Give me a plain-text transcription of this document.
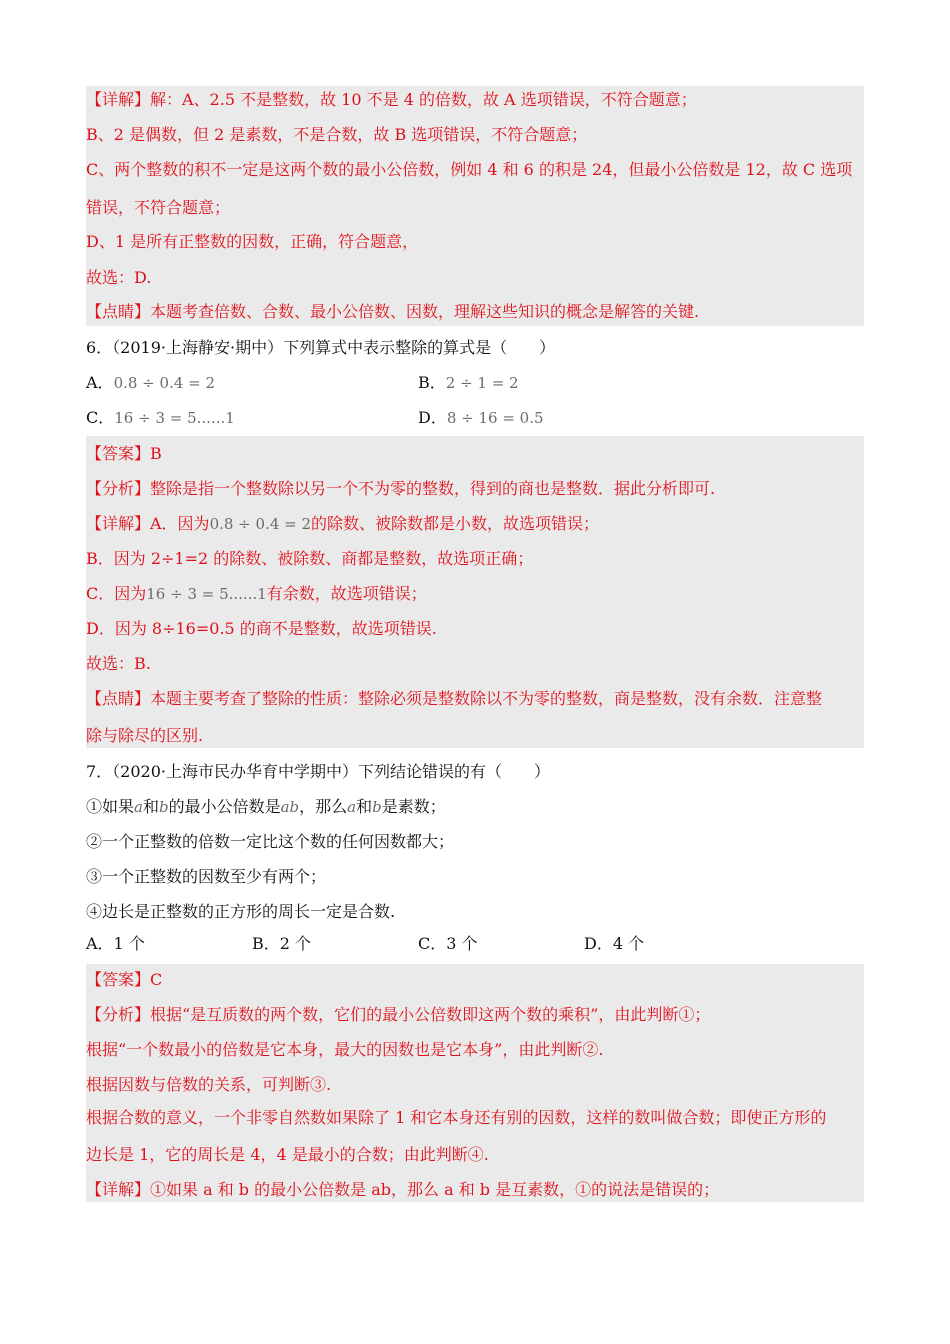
【详解】解：A、2.5 不是整数，故 10 不是 4 的倍数，故 A 选项错误，不符合题意；
B、2 是偶数，但 2 是素数，不是合数，故 B 选项错误，不符合题意；
C、两个整数的积不一定是这两个数的最小公倍数，例如 4 和 6 的积是 24，但最小公倍数是 12，故 C 选项
错误，不符合题意；
D、1 是所有正整数的因数，正确，符合题意，
故选：D.
【点睛】本题考查倍数、合数、最小公倍数、因数，理解这些知识的概念是解答的关键.
6．（2019·上海静安·期中）下列算式中表示整除的算式是（　　）
A．0.8 ÷ 0.4 = 2	B．2 ÷ 1 = 2
C．16 ÷ 3 = 5......1	D．8 ÷ 16 = 0.5
【答案】B
【分析】整除是指一个整数除以另一个不为零的整数，得到的商也是整数．据此分析即可.
【详解】A．因为0.8 ÷ 0.4 = 2的除数、被除数都是小数，故选项错误；
B．因为 2÷1=2 的除数、被除数、商都是整数，故选项正确；
C．因为16 ÷ 3 = 5......1有余数，故选项错误；
D．因为 8÷16=0.5 的商不是整数，故选项错误.
故选：B.
【点睛】本题主要考查了整除的性质：整除必须是整数除以不为零的整数，商是整数，没有余数．注意整
除与除尽的区别.
7．（2020·上海市民办华育中学期中）下列结论错误的有（　　）
①如果a和b的最小公倍数是ab，那么a和b是素数；
②一个正整数的倍数一定比这个数的任何因数都大；
③一个正整数的因数至少有两个；
④边长是正整数的正方形的周长一定是合数.
A．1 个	B．2 个	C．3 个	D．4 个
【答案】C
【分析】根据“是互质数的两个数，它们的最小公倍数即这两个数的乘积”，由此判断①；
根据“一个数最小的倍数是它本身，最大的因数也是它本身”，由此判断②.
根据因数与倍数的关系，可判断③.
根据合数的意义，一个非零自然数如果除了 1 和它本身还有别的因数，这样的数叫做合数；即使正方形的
边长是 1，它的周长是 4，4 是最小的合数；由此判断④.
【详解】①如果 a 和 b 的最小公倍数是 ab，那么 a 和 b 是互素数，①的说法是错误的；
